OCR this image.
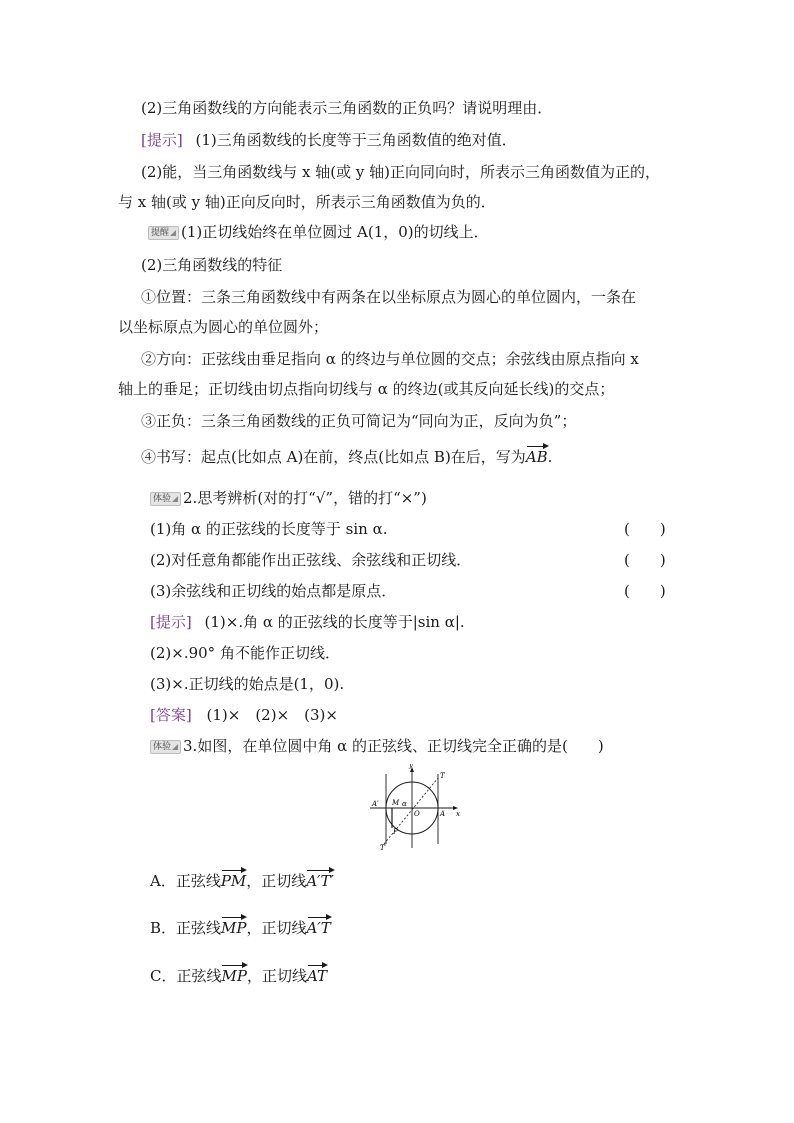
(2)三角函数线的方向能表示三角函数的正负吗？请说明理由．
[提示] (1)三角函数线的长度等于三角函数值的绝对值．
(2)能，当三角函数线与 x 轴(或 y 轴)正向同向时，所表示三角函数值为正的，
与 x 轴(或 y 轴)正向反向时，所表示三角函数值为负的．
提醒 (1)正切线始终在单位圆过 A(1，0)的切线上．
(2)三角函数线的特征
①位置：三条三角函数线中有两条在以坐标原点为圆心的单位圆内，一条在
以坐标原点为圆心的单位圆外；
②方向：正弦线由垂足指向 α 的终边与单位圆的交点；余弦线由原点指向 x
轴上的垂足；正切线由切点指向切线与 α 的终边(或其反向延长线)的交点；
③正负：三条三角函数线的正负可简记为“同向为正，反向为负”；
④书写：起点(比如点 A)在前，终点(比如点 B)在后，写为AB.
体验 2.思考辨析(对的打“√”，错的打“×”)
(1)角 α 的正弦线的长度等于 sin α.	(　　)
(2)对任意角都能作出正弦线、余弦线和正切线．	(　　)
(3)余弦线和正切线的始点都是原点．	(　　)
[提示] (1)×.角 α 的正弦线的长度等于|sin α|.
(2)×.90° 角不能作正切线．
(3)×.正切线的始点是(1，0).
[答案] (1)×　(2)×　(3)×
体验 3.如图，在单位圆中角 α 的正弦线、正切线完全正确的是(　　)
y
x
T
T′
A′
A
M α
O
P
A．正弦线PM，正切线A′T′
B．正弦线MP，正切线A′T
C．正弦线MP，正切线AT
